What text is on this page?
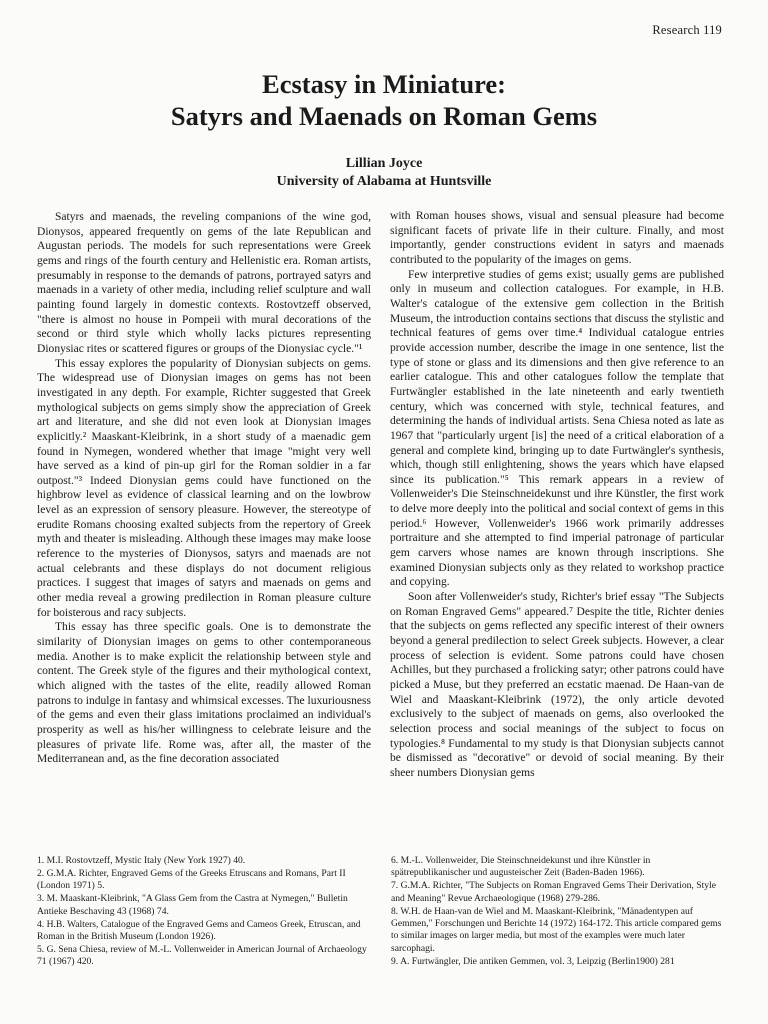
Research 119
Ecstasy in Miniature:
Satyrs and Maenads on Roman Gems
Lillian Joyce
University of Alabama at Huntsville

Satyrs and maenads, the reveling companions of the wine god, Dionysos, appeared frequently on gems of the late Republican and Augustan periods. The models for such representations were Greek gems and rings of the fourth century and Hellenistic era. Roman artists, presumably in response to the demands of patrons, portrayed satyrs and maenads in a variety of other media, including relief sculpture and wall painting found largely in domestic contexts. Rostovtzeff observed, "there is almost no house in Pompeii with mural decorations of the second or third style which wholly lacks pictures representing Dionysiac rites or scattered figures or groups of the Dionysiac cycle."¹

This essay explores the popularity of Dionysian subjects on gems. The widespread use of Dionysian images on gems has not been investigated in any depth. For example, Richter suggested that Greek mythological subjects on gems simply show the appreciation of Greek art and literature, and she did not even look at Dionysian images explicitly.² Maaskant-Kleibrink, in a short study of a maenadic gem found in Nymegen, wondered whether that image "might very well have served as a kind of pin-up girl for the Roman soldier in a far outpost."³ Indeed Dionysian gems could have functioned on the highbrow level as evidence of classical learning and on the lowbrow level as an expression of sensory pleasure. However, the stereotype of erudite Romans choosing exalted subjects from the repertory of Greek myth and theater is misleading. Although these images may make loose reference to the mysteries of Dionysos, satyrs and maenads are not actual celebrants and these displays do not document religious practices. I suggest that images of satyrs and maenads on gems and other media reveal a growing predilection in Roman pleasure culture for boisterous and racy subjects.

This essay has three specific goals. One is to demonstrate the similarity of Dionysian images on gems to other contemporaneous media. Another is to make explicit the relationship between style and content. The Greek style of the figures and their mythological context, which aligned with the tastes of the elite, readily allowed Roman patrons to indulge in fantasy and whimsical excesses. The luxuriousness of the gems and even their glass imitations proclaimed an individual's prosperity as well as his/her willingness to celebrate leisure and the pleasures of private life. Rome was, after all, the master of the Mediterranean and, as the fine decoration associated

with Roman houses shows, visual and sensual pleasure had become significant facets of private life in their culture. Finally, and most importantly, gender constructions evident in satyrs and maenads contributed to the popularity of the images on gems.

Few interpretive studies of gems exist; usually gems are published only in museum and collection catalogues. For example, in H.B. Walter's catalogue of the extensive gem collection in the British Museum, the introduction contains sections that discuss the stylistic and technical features of gems over time.⁴ Individual catalogue entries provide accession number, describe the image in one sentence, list the type of stone or glass and its dimensions and then give reference to an earlier catalogue. This and other catalogues follow the template that Furtwängler established in the late nineteenth and early twentieth century, which was concerned with style, technical features, and determining the hands of individual artists. Sena Chiesa noted as late as 1967 that "particularly urgent [is] the need of a critical elaboration of a general and complete kind, bringing up to date Furtwängler's synthesis, which, though still enlightening, shows the years which have elapsed since its publication."⁵ This remark appears in a review of Vollenweider's Die Steinschneidekunst und ihre Künstler, the first work to delve more deeply into the political and social context of gems in this period.⁶ However, Vollenweider's 1966 work primarily addresses portraiture and she attempted to find imperial patronage of particular gem carvers whose names are known through inscriptions. She examined Dionysian subjects only as they related to workshop practice and copying.

Soon after Vollenweider's study, Richter's brief essay "The Subjects on Roman Engraved Gems" appeared.⁷ Despite the title, Richter denies that the subjects on gems reflected any specific interest of their owners beyond a general predilection to select Greek subjects. However, a clear process of selection is evident. Some patrons could have chosen Achilles, but they purchased a frolicking satyr; other patrons could have picked a Muse, but they preferred an ecstatic maenad. De Haan-van de Wiel and Maaskant-Kleibrink (1972), the only article devoted exclusively to the subject of maenads on gems, also overlooked the selection process and social meanings of the subject to focus on typologies.⁸ Fundamental to my study is that Dionysian subjects cannot be dismissed as "decorative" or devoid of social meaning. By their sheer numbers Dionysian gems

1. M.I. Rostovtzeff, Mystic Italy (New York 1927) 40.
2. G.M.A. Richter, Engraved Gems of the Greeks Etruscans and Romans, Part II (London 1971) 5.
3. M. Maaskant-Kleibrink, "A Glass Gem from the Castra at Nymegen," Bulletin Antieke Beschaving 43 (1968) 74.
4. H.B. Walters, Catalogue of the Engraved Gems and Cameos Greek, Etruscan, and Roman in the British Museum (London 1926).
5. G. Sena Chiesa, review of M.-L. Vollenweider in American Journal of Archaeology 71 (1967) 420.
6. M.-L. Vollenweider, Die Steinschneidekunst und ihre Künstler in spätrepublikanischer und augusteischer Zeit (Baden-Baden 1966).
7. G.M.A. Richter, "The Subjects on Roman Engraved Gems Their Derivation, Style and Meaning" Revue Archaeologique (1968) 279-286.
8. W.H. de Haan-van de Wiel and M. Maaskant-Kleibrink, "Mänadentypen auf Gemmen," Forschungen und Berichte 14 (1972) 164-172. This article compared gems to similar images on larger media, but most of the examples were much later sarcophagi.
9. A. Furtwängler, Die antiken Gemmen, vol. 3, Leipzig (Berlin1900) 281
